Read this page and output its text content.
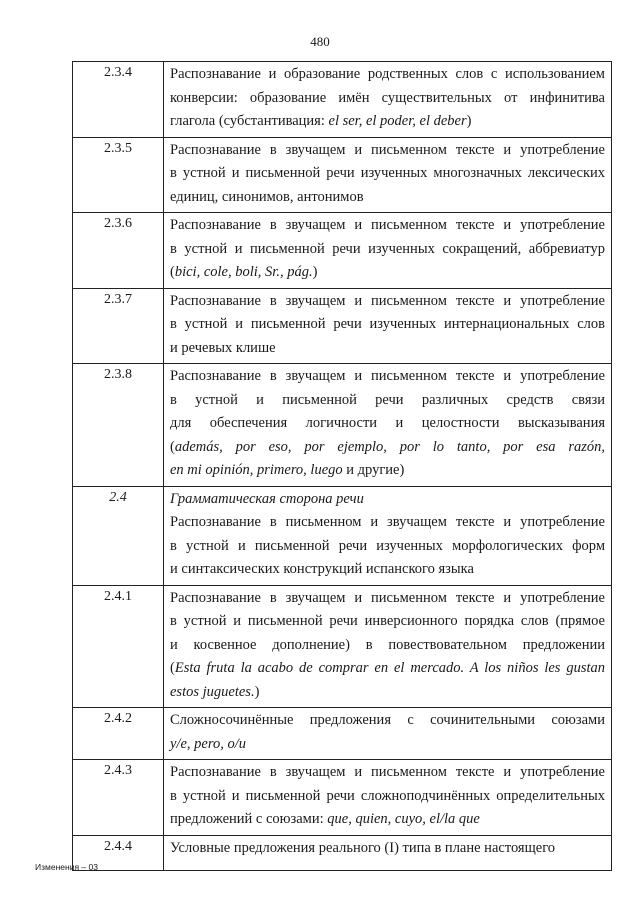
480
2.3.4	Распознавание и образование родственных слов с использованием
конверсии: образование имён существительных от инфинитива
глагола (субстантивация: el ser, el poder, el deber)
2.3.5	Распознавание в звучащем и письменном тексте и употребление
в устной и письменной речи изученных многозначных лексических
единиц, синонимов, антонимов
2.3.6	Распознавание в звучащем и письменном тексте и употребление
в устной и письменной речи изученных сокращений, аббревиатур
(bici, cole, boli, Sr., pág.)
2.3.7	Распознавание в звучащем и письменном тексте и употребление
в устной и письменной речи изученных интернациональных слов
и речевых клише
2.3.8	Распознавание в звучащем и письменном тексте и употребление
в устной и письменной речи различных средств связи
для обеспечения логичности и целостности высказывания
(además, por eso, por ejemplo, por lo tanto, por esa razón,
en mi opinión, primero, luego и другие)
2.4	Грамматическая сторона речи
Распознавание в письменном и звучащем тексте и употребление
в устной и письменной речи изученных морфологических форм
и синтаксических конструкций испанского языка
2.4.1	Распознавание в звучащем и письменном тексте и употребление
в устной и письменной речи инверсионного порядка слов (прямое
и косвенное дополнение) в повествовательном предложении
(Esta fruta la acabo de comprar en el mercado. A los niños les gustan
estos juguetes.)
2.4.2	Сложносочинённые предложения с сочинительными союзами
y/e, pero, o/u
2.4.3	Распознавание в звучащем и письменном тексте и употребление
в устной и письменной речи сложноподчинённых определительных
предложений с союзами: que, quien, cuyo, el/la que
2.4.4	Условные предложения реального (I) типа в плане настоящего
Изменения – 03
